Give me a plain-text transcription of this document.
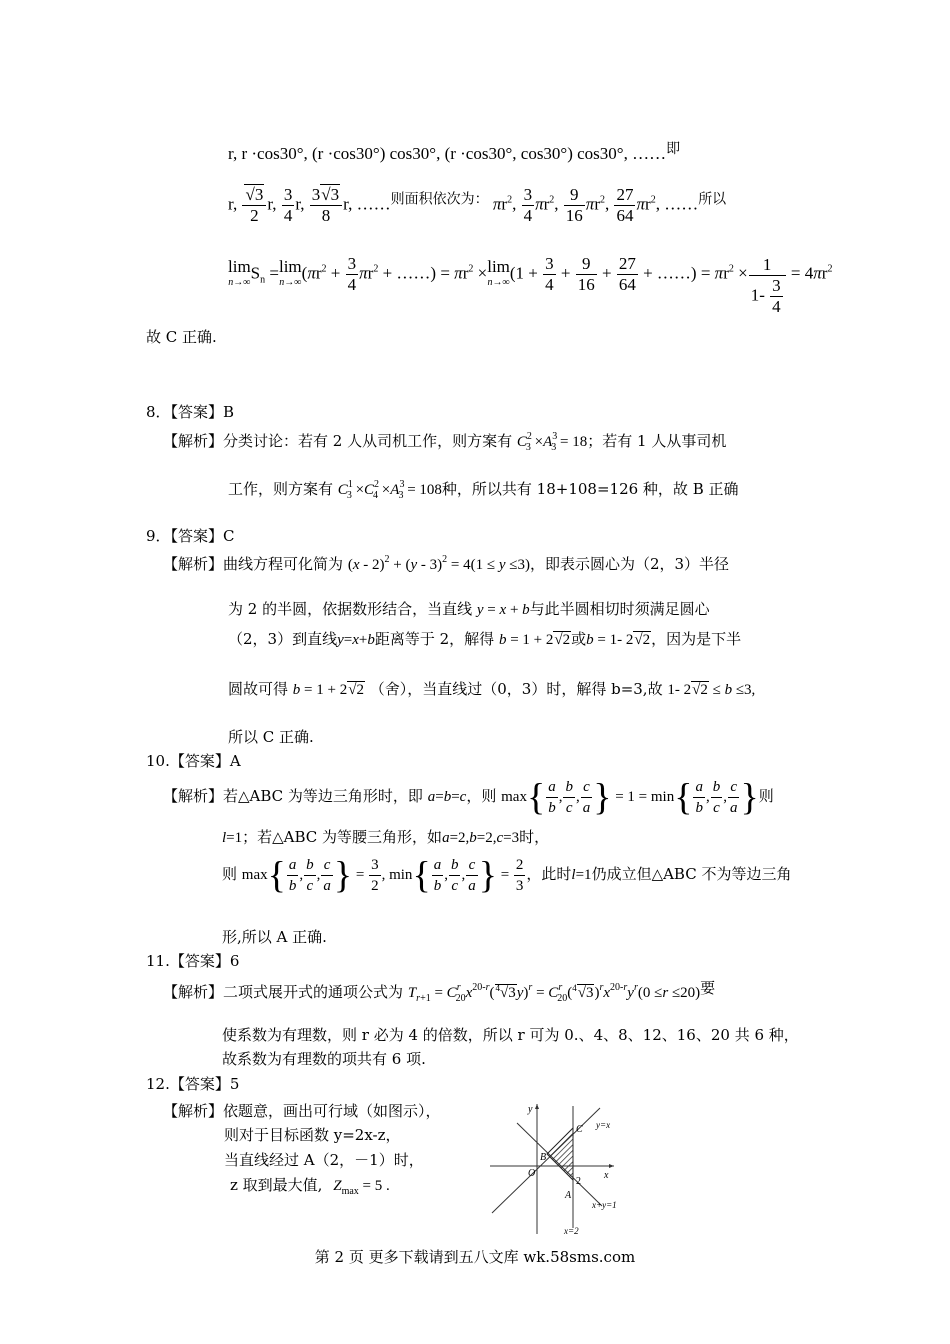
r, r ·cos30°, (r ·cos30°) cos30°, (r ·cos30°, cos30°) cos30°, ……$^即$
r, $\frac{√3}{2} r$, $\frac{3}{4} r$, $\frac{3√3}{8} r$, ……$^{则面积依次为:}$ $\pi r^2$, $\frac{3}{4} \pi r^2$, $\frac{9}{16} \pi r^2$, $\frac{27}{64} \pi r^2$, ……$^{所以}$
lim
n→∞ $S_n =\lim$
n→∞ ($\pi r^2 + \frac{3}{4} \pi r^2$ + ……) = $\pi r^2 \times\lim$
n→∞ ($1 + \frac{3}{4} + \frac{9}{16} + \frac{27}{64}$ + ……) = $\pi r^2 \times \frac{1}{1- \frac{3}{4}} = 4\pi r^2$
故 C 正确.
8．【答案】B
【解析】分类讨论：若有 2 人从司机工作，则方案有 $C^2_3 \times A^3_3 = 18$；若有 1 人从事司机
工作，则方案有 $C^1_3 \times C^2_4 \times A^3_3 = 108$种，所以共有 18+108=126 种，故 B 正确
9．【答案】C
【解析】曲线方程可化简为 (x - 2)$^2$ + (y - 3)$^2$ = 4(1 ≤ y ≤3)，即表示圆心为（2，3）半径
为 2 的半圆，依据数形结合，当直线 y = x + b与此半圆相切时须满足圆心
（2，3）到直线y=x+b距离等于 2，解得 b = 1 + 2√2或b = 1- 2√2，因为是下半
圆故可得 b = 1 + 2√2 （舍），当直线过（0，3）时，解得 b=3,故 1- 2√2 ≤ b ≤3,
所以 C 正确.
10.【答案】A
【解析】若△ABC 为等边三角形时，即 a=b=c，则 $\max\{ \frac{a}{b}$ , $\frac{b}{c}$ , $\frac{c}{a}$ } = $1 = \min\{ \frac{a}{b}$ , $\frac{b}{c}$ , $\frac{c}{a}$ }则
l=1；若△ABC 为等腰三角形，如a=2,b=2,c=3时，
则 $\max\{ \frac{a}{b}$ , $\frac{b}{c}$ , $\frac{c}{a}$ } = $\frac{3}{2}$ , $\min\{ \frac{a}{b}$ , $\frac{b}{c}$ , $\frac{c}{a}$ } = $\frac{2}{3}$ ，此时l=1仍成立但△ABC 不为等边三角
形,所以 A 正确.
11.【答案】6
【解析】二项式展开式的通项公式为 $T_{r+1} = C^r_{20}x^{20-r}(^4√3y)^r = C^r_{20}(^4√3)^rx^{20-r}y^r(0 \le r \le 20)$要
使系数为有理数，则 r 必为 4 的倍数，所以 r 可为 0.、4、8、12、16、20 共 6 种，
故系数为有理数的项共有 6 项.
12.【答案】5
【解析】依题意，画出可行域（如图示），
则对于目标函数 y=2x-z，
当直线经过 A（2，－1）时，
z 取到最大值, $Z_{max} = 5$ .
y
x
O
B
C
A
2
y=x
x+y=1
x=2
第 2 页 更多下载请到五八文库 wk.58sms.com
